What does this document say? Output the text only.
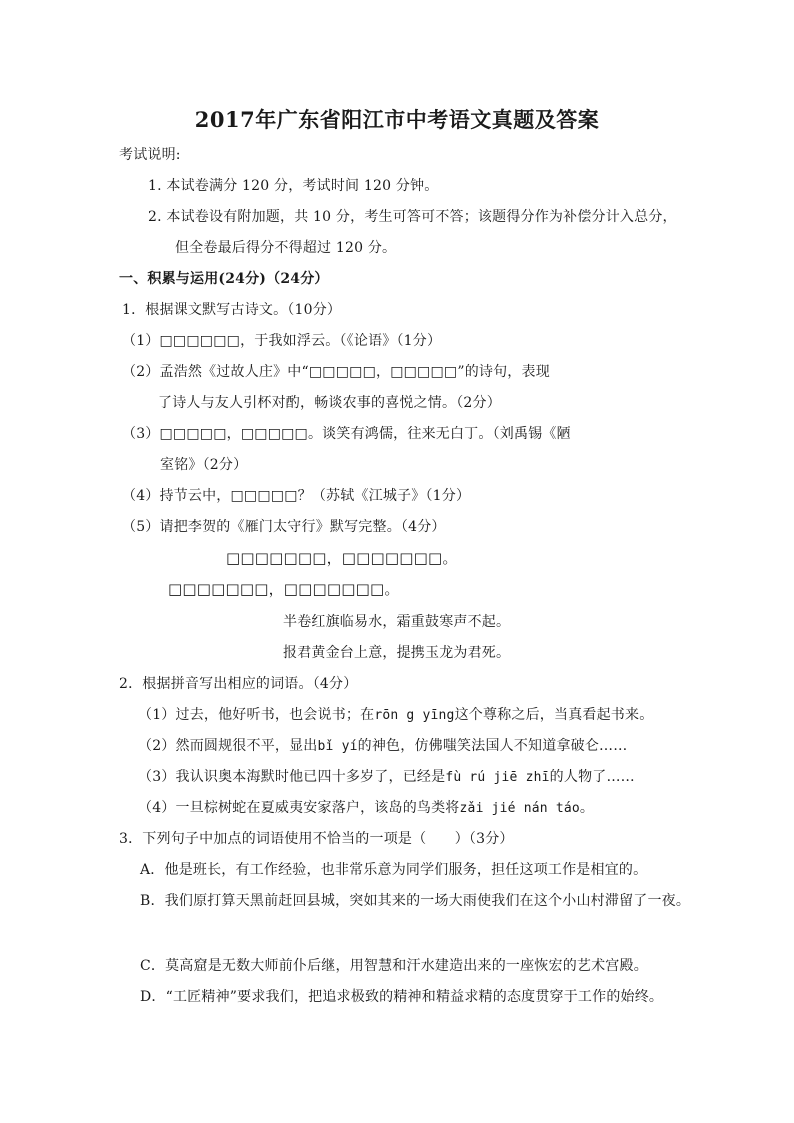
2017年广东省阳江市中考语文真题及答案
考试说明:
1. 本试卷满分 120 分，考试时间 120 分钟。
2. 本试卷设有附加题，共 10 分，考生可答可不答；该题得分作为补偿分计入总分，
但全卷最后得分不得超过 120 分。
一、积累与运用(24分)（24分）
1．根据课文默写古诗文。（10分）
（1）□□□□□□，于我如浮云。（《论语》（1分）
（2）孟浩然《过故人庄》中“□□□□□，□□□□□”的诗句，表现
了诗人与友人引杯对酌，畅谈农事的喜悦之情。（2分）
（3）□□□□□，□□□□□。谈笑有鸿儒，往来无白丁。（刘禹锡《陋
室铭》（2分）
（4）持节云中，□□□□□？（苏轼《江城子》（1分）
（5）请把李贺的《雁门太守行》默写完整。（4分）
□□□□□□□，□□□□□□□。
□□□□□□□，□□□□□□□。
半卷红旗临易水，霜重鼓寒声不起。
报君黄金台上意，提携玉龙为君死。
2．根据拼音写出相应的词语。（4分）
（1）过去，他好听书，也会说书；在rōn g yīng这个尊称之后，当真看起书来。
（2）然而圆规很不平，显出bǐ yí的神色，仿佛嗤笑法国人不知道拿破仑……
（3）我认识奥本海默时他已四十多岁了，已经是fù rú jiē zhī的人物了……
（4）一旦棕树蛇在夏威夷安家落户，该岛的鸟类将zǎi jié nán táo。
3．下列句子中加点的词语使用不恰当的一项是（　　）（3分）
A．他是班长，有工作经验，也非常乐意为同学们服务，担任这项工作是相宜的。
B．我们原打算天黑前赶回县城，突如其来的一场大雨使我们在这个小山村滞留了一夜。
C．莫高窟是无数大师前仆后继，用智慧和汗水建造出来的一座恢宏的艺术宫殿。
D．“工匠精神”要求我们，把追求极致的精神和精益求精的态度贯穿于工作的始终。
